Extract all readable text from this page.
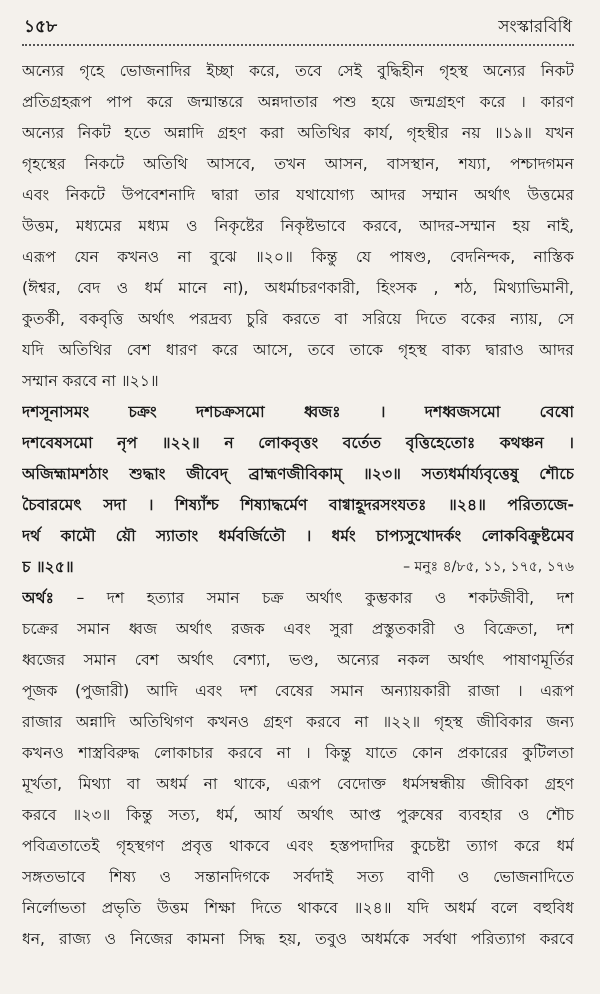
১৫৮	সংস্কারবিধি
অন্যের গৃহে ভোজনাদির ইচ্ছা করে, তবে সেই বুদ্ধিহীন গৃহস্থ অন্যের নিকট
প্রতিগ্রহরূপ পাপ করে জন্মান্তরে অন্নদাতার পশু হয়ে জন্মগ্রহণ করে । কারণ
অন্যের নিকট হতে অন্নাদি গ্রহণ করা অতিথির কার্য, গৃহস্থীর নয় ॥১৯॥ যখন
গৃহস্থের নিকটে অতিথি আসবে, তখন আসন, বাসস্থান, শয্যা, পশ্চাদগমন
এবং নিকটে উপবেশনাদি দ্বারা তার যথাযোগ্য আদর সম্মান অর্থাৎ উত্তমের
উত্তম, মধ্যমের মধ্যম ও নিকৃষ্টের নিকৃষ্টভাবে করবে, আদর-সম্মান হয় নাই,
এরূপ যেন কখনও না বুঝে ॥২০॥ কিন্তু যে পাষণ্ড, বেদনিন্দক, নাস্তিক
(ঈশ্বর, বেদ ও ধর্ম মানে না), অধর্মাচরণকারী, হিংসক , শঠ, মিথ্যাভিমানী,
কুতর্কী, বকবৃত্তি অর্থাৎ পরদ্রব্য চুরি করতে বা সরিয়ে দিতে বকের ন্যায়, সে
যদি অতিথির বেশ ধারণ করে আসে, তবে তাকে গৃহস্থ বাক্য দ্বারাও আদর
সম্মান করবে না ॥২১॥
দশসূনাসমং চক্রং দশচক্রসমো ধ্বজঃ । দশধ্বজসমো বেষো
দশবেষসমো নৃপ ॥২২॥ ন লোকবৃত্তং বর্তেত বৃত্তিহেতোঃ কথঞ্চন ।
অজিহ্মামশঠাং শুদ্ধাং জীবেদ্ ব্রাহ্মণজীবিকাম্ ॥২৩॥ সত্যধর্মার্য্যবৃত্তেষু শৌচে
চৈবারমেৎ সদা । শিষ্যাঁশ্চ শিষ্যাদ্ধর্মেণ বাগ্বাহূদরসংযতঃ ॥২৪॥ পরিত্যজে-
দর্থ কামৌ য়ৌ স্যাতাং ধর্মবর্জিতৌ । ধর্মং চাপ্যসুখোদর্কং লোকবিক্রুষ্টমেব
চ ॥২৫॥	– মনুঃ ৪/৮৫, ১১, ১৭৫, ১৭৬
অর্থঃ – দশ হত্যার সমান চক্র অর্থাৎ কুম্ভকার ও শকটজীবী, দশ
চক্রের সমান ধ্বজ অর্থাৎ রজক এবং সুরা প্রস্তুতকারী ও বিক্রেতা, দশ
ধ্বজের সমান বেশ অর্থাৎ বেশ্যা, ভণ্ড, অন্যের নকল অর্থাৎ পাষাণমূর্তির
পূজক (পুজারী) আদি এবং দশ বেষের সমান অন্যায়কারী রাজা । এরূপ
রাজার অন্নাদি অতিথিগণ কখনও গ্রহণ করবে না ॥২২॥ গৃহস্থ জীবিকার জন্য
কখনও শাস্ত্রবিরুদ্ধ লোকাচার করবে না । কিন্তু যাতে কোন প্রকারের কুটিলতা
মূর্খতা, মিথ্যা বা অধর্ম না থাকে, এরূপ বেদোক্ত ধর্মসম্বন্ধীয় জীবিকা গ্রহণ
করবে ॥২৩॥ কিন্তু সত্য, ধর্ম, আর্য অর্থাৎ আপ্ত পুরুষের ব্যবহার ও শৌচ
পবিত্রতাতেই গৃহস্থগণ প্রবৃত্ত থাকবে এবং হস্তপদাদির কুচেষ্টা ত্যাগ করে ধর্ম
সঙ্গতভাবে শিষ্য ও সন্তানদিগকে সর্বদাই সত্য বাণী ও ভোজনাদিতে
নির্লোভতা প্রভৃতি উত্তম শিক্ষা দিতে থাকবে ॥২৪॥ যদি অধর্ম বলে বহুবিধ
ধন, রাজ্য ও নিজের কামনা সিদ্ধ হয়, তবুও অধর্মকে সর্বথা পরিত্যাগ করবে
